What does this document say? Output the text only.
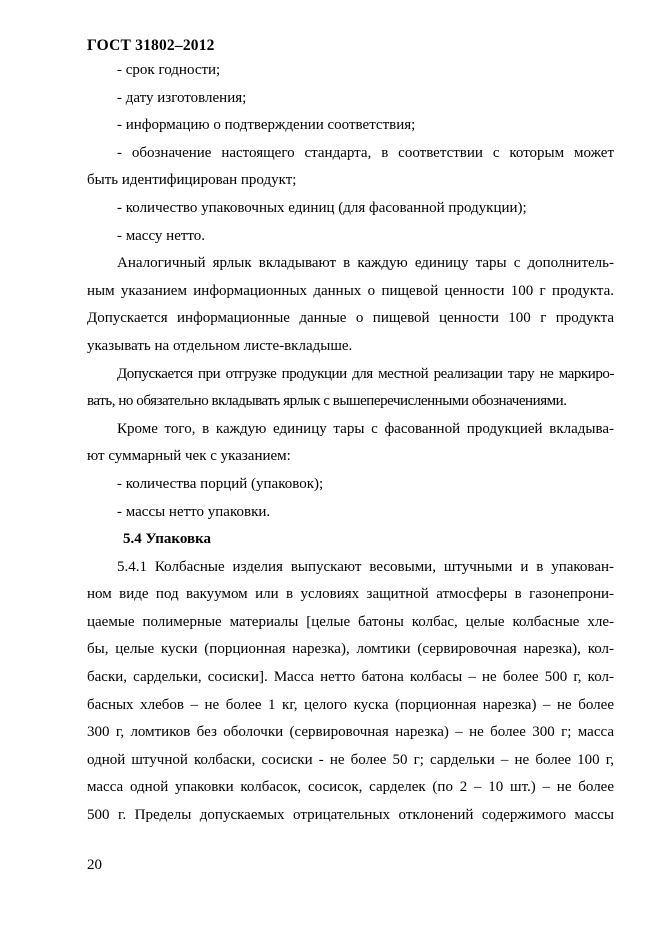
ГОСТ 31802–2012
- срок годности;
- дату изготовления;
- информацию о подтверждении соответствия;
- обозначение настоящего стандарта, в соответствии с которым может
быть идентифицирован продукт;
- количество упаковочных единиц (для фасованной продукции);
- массу нетто.
Аналогичный ярлык вкладывают в каждую единицу тары с дополнитель-
ным указанием информационных данных о пищевой ценности 100 г продукта.
Допускается информационные данные о пищевой ценности 100 г продукта
указывать на отдельном листе-вкладыше.
Допускается при отгрузке продукции для местной реализации тару не маркиро-
вать, но обязательно вкладывать ярлык с вышеперечисленными обозначениями.
Кроме того, в каждую единицу тары с фасованной продукцией вкладыва-
ют суммарный чек с указанием:
- количества порций (упаковок);
- массы нетто упаковки.
5.4 Упаковка
5.4.1 Колбасные изделия выпускают весовыми, штучными и в упакован-
ном виде под вакуумом или в условиях защитной атмосферы в газонепрони-
цаемые полимерные материалы [целые батоны колбас, целые колбасные хле-
бы, целые куски (порционная нарезка), ломтики (сервировочная нарезка), кол-
баски, сардельки, сосиски]. Масса нетто батона колбасы – не более 500 г, кол-
басных хлебов – не более 1 кг, целого куска (порционная нарезка) – не более
300 г, ломтиков без оболочки (сервировочная нарезка) – не более 300 г; масса
одной штучной колбаски, сосиски - не более 50 г; сардельки – не более 100 г,
масса одной упаковки колбасок, сосисок, сарделек (по 2 – 10 шт.) – не более
500 г. Пределы допускаемых отрицательных отклонений содержимого массы
20
